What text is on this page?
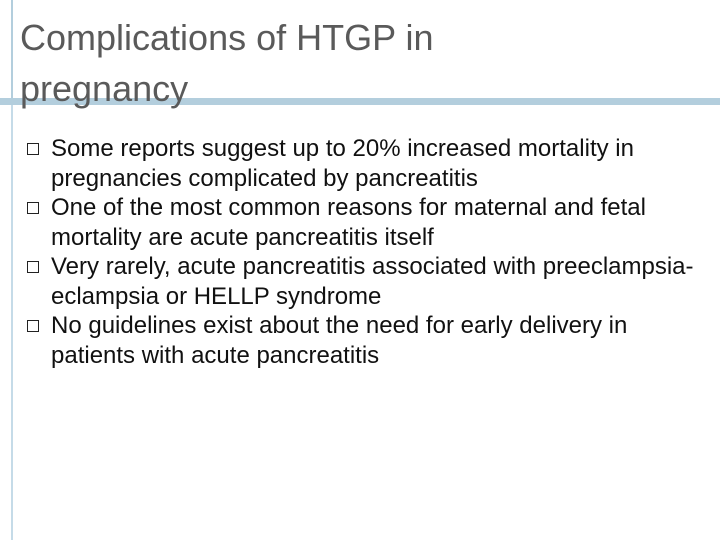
Complications of HTGP in pregnancy
Some reports suggest up to 20% increased mortality in pregnancies complicated by pancreatitis
One of the most common reasons for maternal and fetal mortality are acute pancreatitis itself
Very rarely, acute pancreatitis associated with preeclampsia-eclampsia or HELLP syndrome
No guidelines exist about the need for early delivery in patients with acute pancreatitis
